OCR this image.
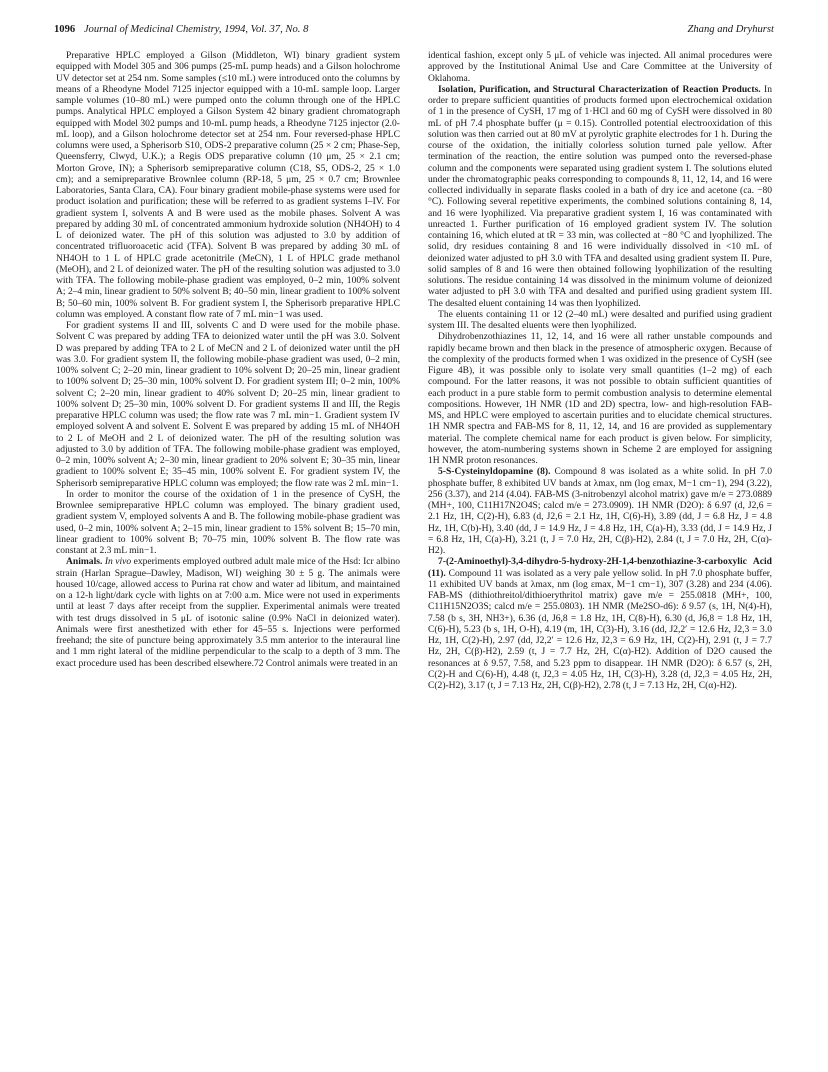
1096 Journal of Medicinal Chemistry, 1994, Vol. 37, No. 8	Zhang and Dryhurst

Preparative HPLC employed a Gilson (Middleton, WI) binary gradient system equipped with Model 305 and 306 pumps (25-mL pump heads) and a Gilson holochrome UV detector set at 254 nm. Some samples (≤10 mL) were introduced onto the columns by means of a Rheodyne Model 7125 injector equipped with a 10-mL sample loop. Larger sample volumes (10–80 mL) were pumped onto the column through one of the HPLC pumps. Analytical HPLC employed a Gilson System 42 binary gradient chromatograph equipped with Model 302 pumps and 10-mL pump heads, a Rheodyne 7125 injector (2.0-mL loop), and a Gilson holochrome detector set at 254 nm. Four reversed-phase HPLC columns were used, a Spherisorb S10, ODS-2 preparative column (25 × 2 cm; Phase-Sep, Queensferry, Clwyd, U.K.); a Regis ODS preparative column (10 μm, 25 × 2.1 cm; Morton Grove, IN); a Spherisorb semipreparative column (C18, S5, ODS-2, 25 × 1.0 cm); and a semipreparative Brownlee column (RP-18, 5 μm, 25 × 0.7 cm; Brownlee Laboratories, Santa Clara, CA). Four binary gradient mobile-phase systems were used for product isolation and purification; these will be referred to as gradient systems I–IV. For gradient system I, solvents A and B were used as the mobile phases. Solvent A was prepared by adding 30 mL of concentrated ammonium hydroxide solution (NH4OH) to 4 L of deionized water. The pH of this solution was adjusted to 3.0 by addition of concentrated trifluoroacetic acid (TFA). Solvent B was prepared by adding 30 mL of NH4OH to 1 L of HPLC grade acetonitrile (MeCN), 1 L of HPLC grade methanol (MeOH), and 2 L of deionized water. The pH of the resulting solution was adjusted to 3.0 with TFA. The following mobile-phase gradient was employed, 0–2 min, 100% solvent A; 2–4 min, linear gradient to 50% solvent B; 40–50 min, linear gradient to 100% solvent B; 50–60 min, 100% solvent B. For gradient system I, the Spherisorb preparative HPLC column was employed. A constant flow rate of 7 mL min−1 was used.

For gradient systems II and III, solvents C and D were used for the mobile phase. Solvent C was prepared by adding TFA to deionized water until the pH was 3.0. Solvent D was prepared by adding TFA to 2 L of MeCN and 2 L of deionized water until the pH was 3.0. For gradient system II, the following mobile-phase gradient was used, 0–2 min, 100% solvent C; 2–20 min, linear gradient to 10% solvent D; 20–25 min, linear gradient to 100% solvent D; 25–30 min, 100% solvent D. For gradient system III; 0–2 min, 100% solvent C; 2–20 min, linear gradient to 40% solvent D; 20–25 min, linear gradient to 100% solvent D; 25–30 min, 100% solvent D. For gradient systems II and III, the Regis preparative HPLC column was used; the flow rate was 7 mL min−1. Gradient system IV employed solvent A and solvent E. Solvent E was prepared by adding 15 mL of NH4OH to 2 L of MeOH and 2 L of deionized water. The pH of the resulting solution was adjusted to 3.0 by addition of TFA. The following mobile-phase gradient was employed, 0–2 min, 100% solvent A; 2–30 min, linear gradient to 20% solvent E; 30–35 min, linear gradient to 100% solvent E; 35–45 min, 100% solvent E. For gradient system IV, the Spherisorb semipreparative HPLC column was employed; the flow rate was 2 mL min−1.

In order to monitor the course of the oxidation of 1 in the presence of CySH, the Brownlee semipreparative HPLC column was employed. The binary gradient used, gradient system V, employed solvents A and B. The following mobile-phase gradient was used, 0–2 min, 100% solvent A; 2–15 min, linear gradient to 15% solvent B; 15–70 min, linear gradient to 100% solvent B; 70–75 min, 100% solvent B. The flow rate was constant at 2.3 mL min−1.

Animals. In vivo experiments employed outbred adult male mice of the Hsd: Icr albino strain (Harlan Sprague–Dawley, Madison, WI) weighing 30 ± 5 g. The animals were housed 10/cage, allowed access to Purina rat chow and water ad libitum, and maintained on a 12-h light/dark cycle with lights on at 7:00 a.m. Mice were not used in experiments until at least 7 days after receipt from the supplier. Experimental animals were treated with test drugs dissolved in 5 μL of isotonic saline (0.9% NaCl in deionized water). Animals were first anesthetized with ether for 45–55 s. Injections were performed freehand; the site of puncture being approximately 3.5 mm anterior to the interaural line and 1 mm right lateral of the midline perpendicular to the scalp to a depth of 3 mm. The exact procedure used has been described elsewhere.72 Control animals were treated in an

identical fashion, except only 5 μL of vehicle was injected. All animal procedures were approved by the Institutional Animal Use and Care Committee at the University of Oklahoma.

Isolation, Purification, and Structural Characterization of Reaction Products. In order to prepare sufficient quantities of products formed upon electrochemical oxidation of 1 in the presence of CySH, 17 mg of 1·HCl and 60 mg of CySH were dissolved in 80 mL of pH 7.4 phosphate buffer (μ = 0.15). Controlled potential electrooxidation of this solution was then carried out at 80 mV at pyrolytic graphite electrodes for 1 h. During the course of the oxidation, the initially colorless solution turned pale yellow. After termination of the reaction, the entire solution was pumped onto the reversed-phase column and the components were separated using gradient system I. The solutions eluted under the chromatographic peaks corresponding to compounds 8, 11, 12, 14, and 16 were collected individually in separate flasks cooled in a bath of dry ice and acetone (ca. −80 °C). Following several repetitive experiments, the combined solutions containing 8, 14, and 16 were lyophilized. Via preparative gradient system I, 16 was contaminated with unreacted 1. Further purification of 16 employed gradient system IV. The solution containing 16, which eluted at tR = 33 min, was collected at −80 °C and lyophilized. The solid, dry residues containing 8 and 16 were individually dissolved in <10 mL of deionized water adjusted to pH 3.0 with TFA and desalted using gradient system II. Pure, solid samples of 8 and 16 were then obtained following lyophilization of the resulting solutions. The residue containing 14 was dissolved in the minimum volume of deionized water adjusted to pH 3.0 with TFA and desalted and purified using gradient system III. The desalted eluent containing 14 was then lyophilized.

The eluents containing 11 or 12 (2–40 mL) were desalted and purified using gradient system III. The desalted eluents were then lyophilized.

Dihydrobenzothiazines 11, 12, 14, and 16 were all rather unstable compounds and rapidly became brown and then black in the presence of atmospheric oxygen. Because of the complexity of the products formed when 1 was oxidized in the presence of CySH (see Figure 4B), it was possible only to isolate very small quantities (1–2 mg) of each compound. For the latter reasons, it was not possible to obtain sufficient quantities of each product in a pure stable form to permit combustion analysis to determine elemental compositions. However, 1H NMR (1D and 2D) spectra, low- and high-resolution FAB-MS, and HPLC were employed to ascertain purities and to elucidate chemical structures. 1H NMR spectra and FAB-MS for 8, 11, 12, 14, and 16 are provided as supplementary material. The complete chemical name for each product is given below. For simplicity, however, the atom-numbering systems shown in Scheme 2 are employed for assigning 1H NMR proton resonances.

5-S-Cysteinyldopamine (8). Compound 8 was isolated as a white solid. In pH 7.0 phosphate buffer, 8 exhibited UV bands at λmax, nm (log εmax, M−1 cm−1), 294 (3.22), 256 (3.37), and 214 (4.04). FAB-MS (3-nitrobenzyl alcohol matrix) gave m/e = 273.0889 (MH+, 100, C11H17N2O4S; calcd m/e = 273.0909). 1H NMR (D2O): δ 6.97 (d, J2,6 = 2.1 Hz, 1H, C(2)-H), 6.83 (d, J2,6 = 2.1 Hz, 1H, C(6)-H), 3.89 (dd, J = 6.8 Hz, J = 4.8 Hz, 1H, C(b)-H), 3.40 (dd, J = 14.9 Hz, J = 4.8 Hz, 1H, C(a)-H), 3.33 (dd, J = 14.9 Hz, J = 6.8 Hz, 1H, C(a)-H), 3.21 (t, J = 7.0 Hz, 2H, C(β)-H2), 2.84 (t, J = 7.0 Hz, 2H, C(α)-H2).

7-(2-Aminoethyl)-3,4-dihydro-5-hydroxy-2H-1,4-benzothiazine-3-carboxylic Acid (11). Compound 11 was isolated as a very pale yellow solid. In pH 7.0 phosphate buffer, 11 exhibited UV bands at λmax, nm (log εmax, M−1 cm−1), 307 (3.28) and 234 (4.06). FAB-MS (dithiothreitol/dithioerythritol matrix) gave m/e = 255.0818 (MH+, 100, C11H15N2O3S; calcd m/e = 255.0803). 1H NMR (Me2SO-d6): δ 9.57 (s, 1H, N(4)-H), 7.58 (b s, 3H, NH3+), 6.36 (d, J6,8 = 1.8 Hz, 1H, C(8)-H), 6.30 (d, J6,8 = 1.8 Hz, 1H, C(6)-H), 5.23 (b s, 1H, O-H), 4.19 (m, 1H, C(3)-H), 3.16 (dd, J2,2′ = 12.6 Hz, J2,3 = 3.0 Hz, 1H, C(2)-H), 2.97 (dd, J2,2′ = 12.6 Hz, J2,3 = 6.9 Hz, 1H, C(2)-H), 2.91 (t, J = 7.7 Hz, 2H, C(β)-H2), 2.59 (t, J = 7.7 Hz, 2H, C(α)-H2). Addition of D2O caused the resonances at δ 9.57, 7.58, and 5.23 ppm to disappear. 1H NMR (D2O): δ 6.57 (s, 2H, C(2)-H and C(6)-H), 4.48 (t, J2,3 = 4.05 Hz, 1H, C(3)-H), 3.28 (d, J2,3 = 4.05 Hz, 2H, C(2)-H2), 3.17 (t, J = 7.13 Hz, 2H, C(β)-H2), 2.78 (t, J = 7.13 Hz, 2H, C(α)-H2).
